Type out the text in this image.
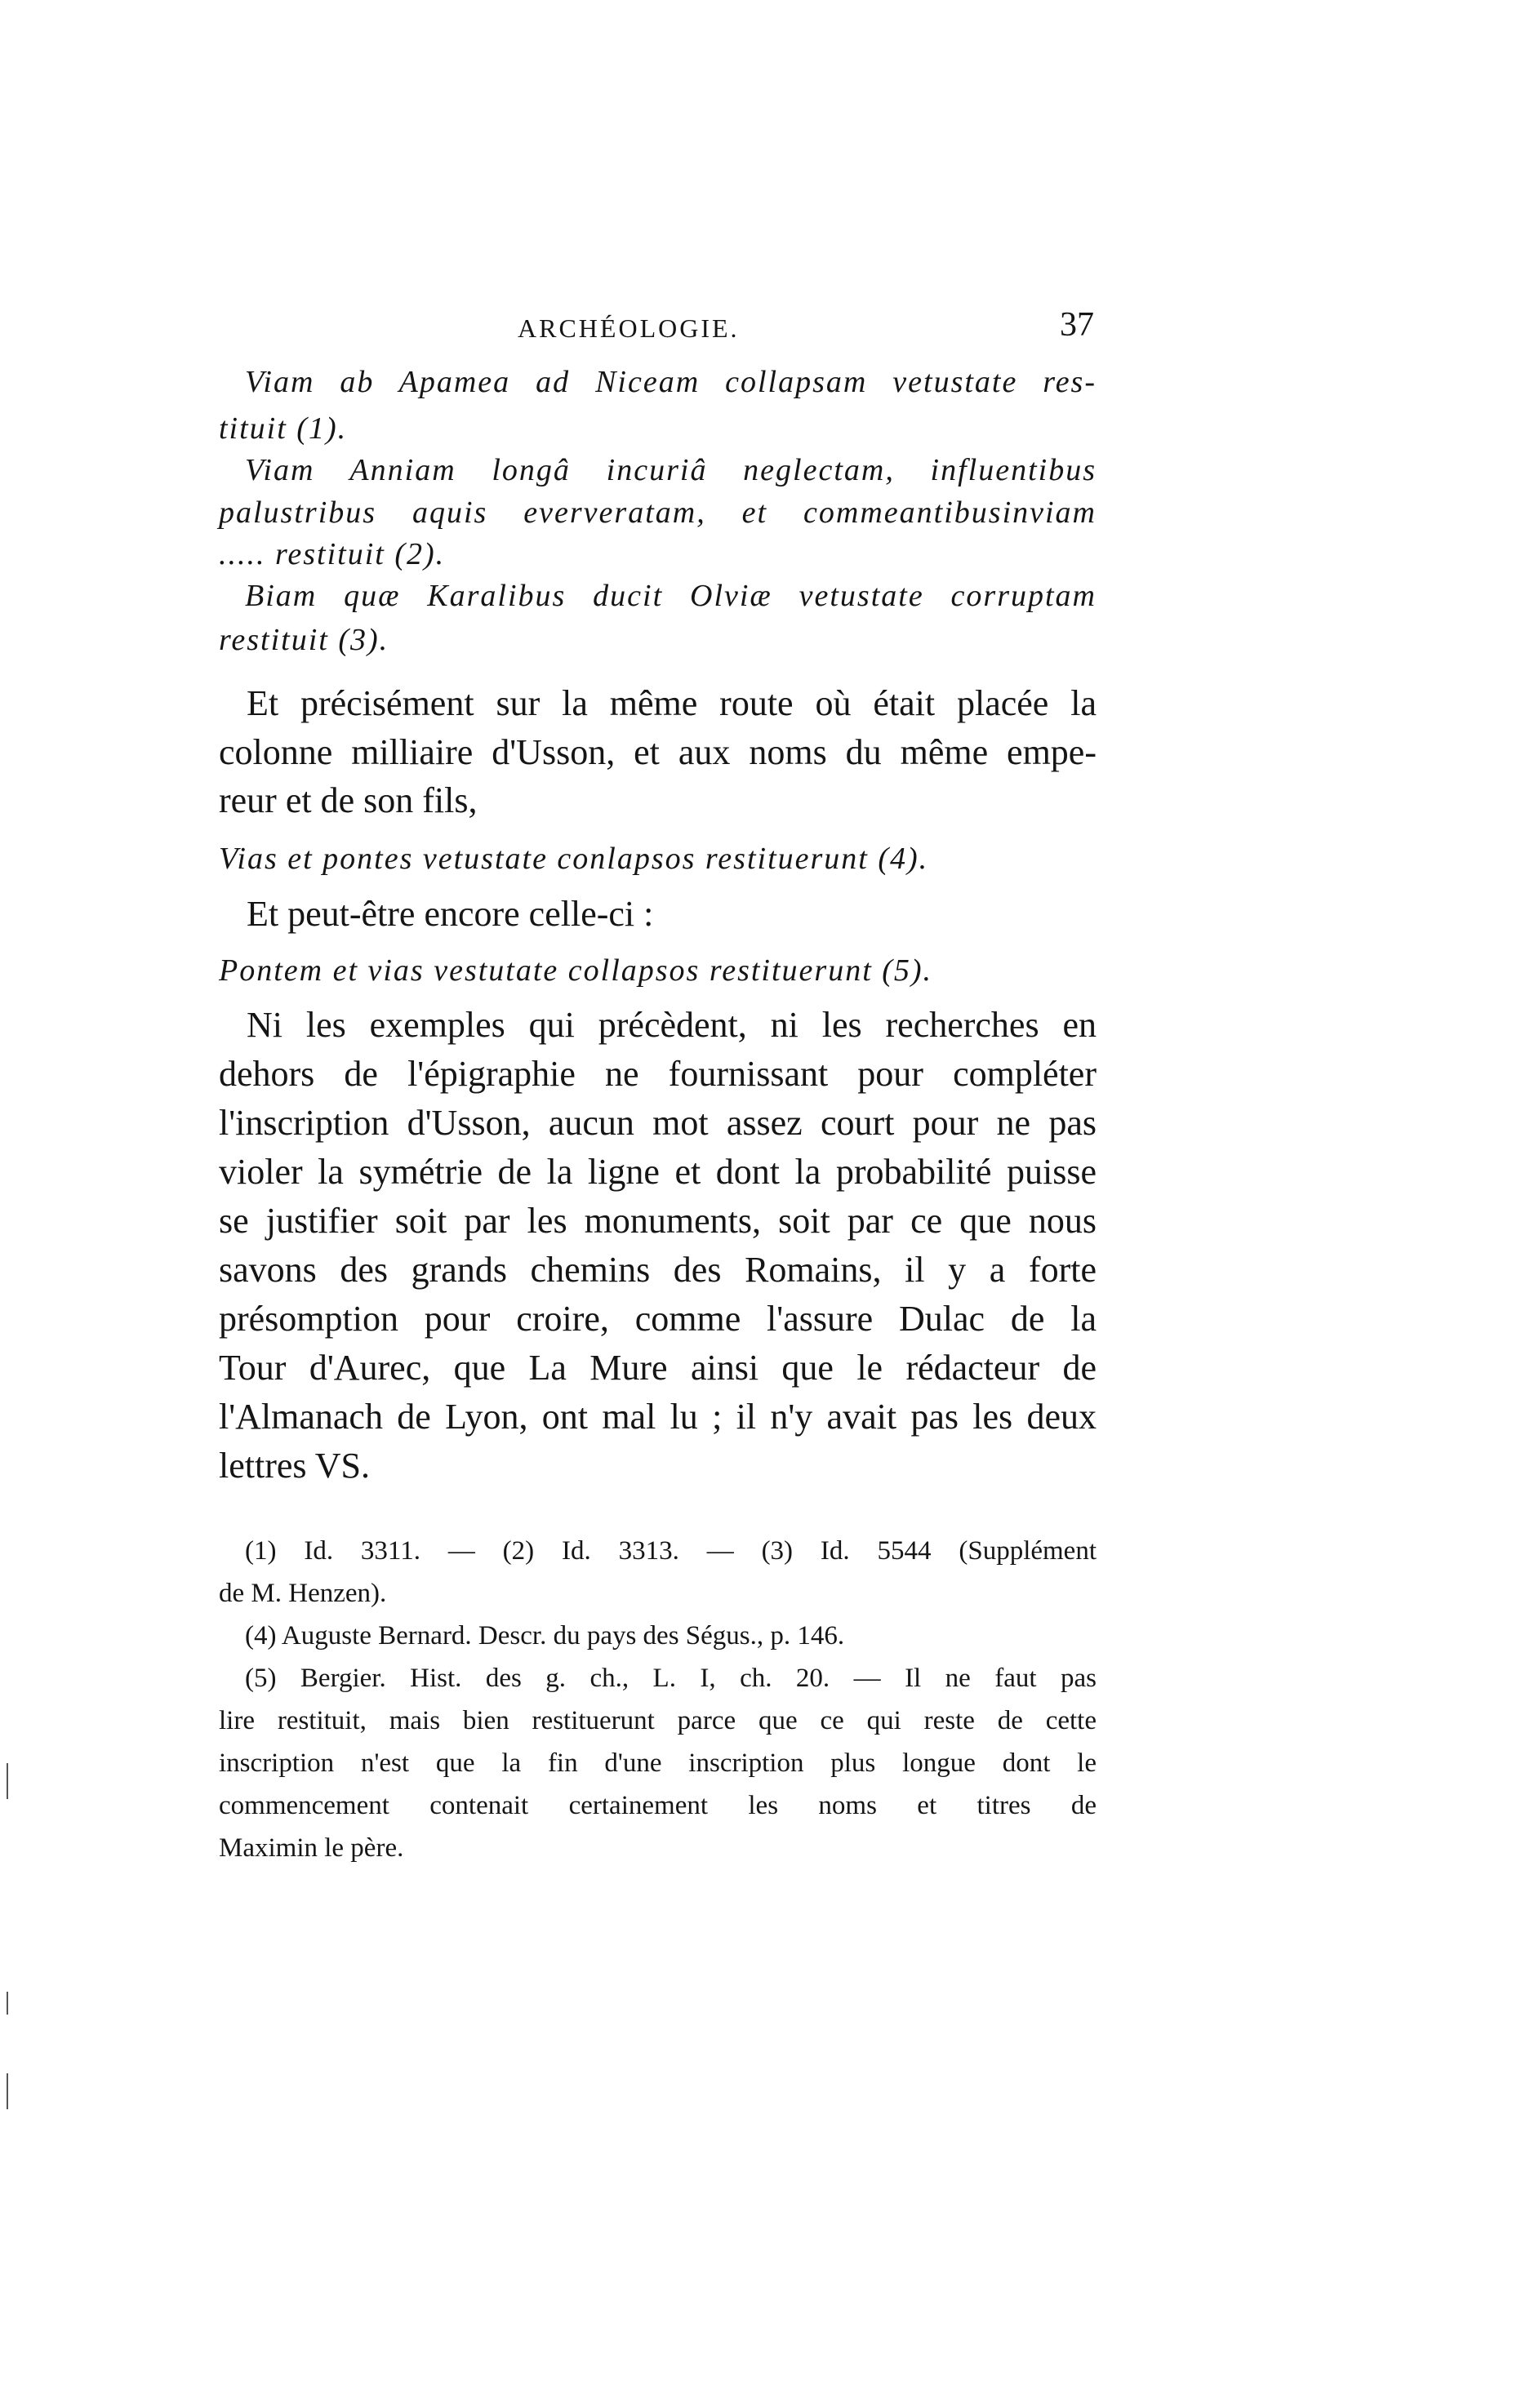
ARCHÉOLOGIE.	37
Viam ab Apamea ad Niceam collapsam vetustate res-
tituit (1).
Viam Anniam longâ incuriâ neglectam, influentibus
palustribus aquis eververatam, et commeantibusinviam
..... restituit (2).
Biam quæ Karalibus ducit Olviæ vetustate corruptam
restituit (3).
Et précisément sur la même route où était placée la
colonne milliaire d'Usson, et aux noms du même empe-
reur et de son fils,
Vias et pontes vetustate conlapsos restituerunt (4).
Et peut-être encore celle-ci :
Pontem et vias vestutate collapsos restituerunt (5).
Ni les exemples qui précèdent, ni les recherches en
dehors de l'épigraphie ne fournissant pour compléter
l'inscription d'Usson, aucun mot assez court pour ne pas
violer la symétrie de la ligne et dont la probabilité puisse
se justifier soit par les monuments, soit par ce que nous
savons des grands chemins des Romains, il y a forte
présomption pour croire, comme l'assure Dulac de la
Tour d'Aurec, que La Mure ainsi que le rédacteur de
l'Almanach de Lyon, ont mal lu ; il n'y avait pas les deux
lettres VS.
(1) Id. 3311. — (2) Id. 3313. — (3) Id. 5544 (Supplément
de M. Henzen).
(4) Auguste Bernard. Descr. du pays des Ségus., p. 146.
(5) Bergier. Hist. des g. ch., L. I, ch. 20. — Il ne faut pas
lire restituit, mais bien restituerunt parce que ce qui reste de cette
inscription n'est que la fin d'une inscription plus longue dont le
commencement contenait certainement les noms et titres de
Maximin le père.
